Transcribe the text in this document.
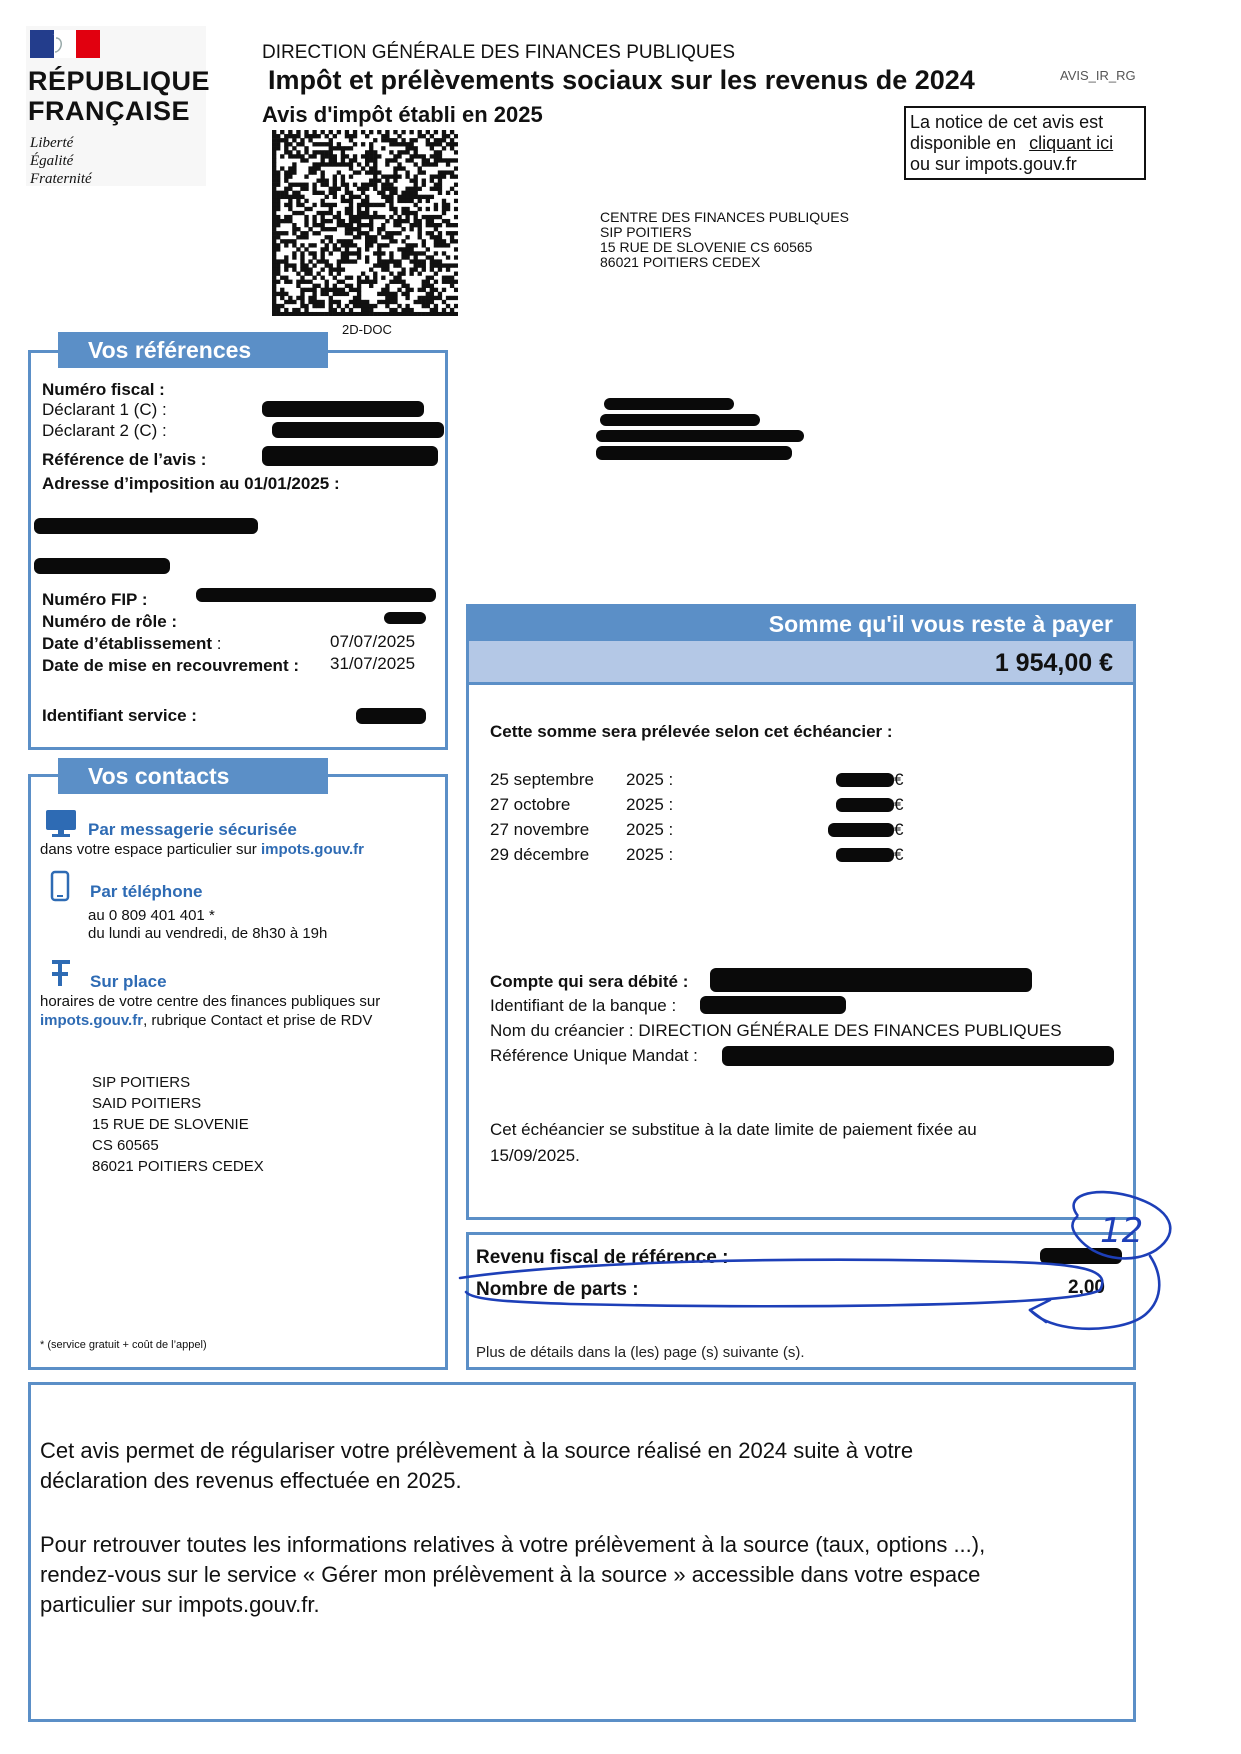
RÉPUBLIQUE
FRANÇAISE
Liberté
Égalité
Fraternité
DIRECTION GÉNÉRALE DES FINANCES PUBLIQUES
Impôt et prélèvements sociaux sur les revenus de 2024	AVIS_IR_RG
Avis d'impôt établi en 2025
2D-DOC
La notice de cet avis est
disponible en cliquant ici
ou sur impots.gouv.fr
CENTRE DES FINANCES PUBLIQUES
SIP POITIERS
15 RUE DE SLOVENIE CS 60565
86021 POITIERS CEDEX
Vos références
Numéro fiscal :
Déclarant 1 (C) :
Déclarant 2 (C) :
Référence de l’avis :
Adresse d’imposition au 01/01/2025 :
Numéro FIP :
Numéro de rôle :
Date d’établissement :	07/07/2025
Date de mise en recouvrement : 31/07/2025
Identifiant service :
Vos contacts
Par messagerie sécurisée
dans votre espace particulier sur impots.gouv.fr
Par téléphone
au 0 809 401 401 *
du lundi au vendredi, de 8h30 à 19h
Sur place
horaires de votre centre des finances publiques sur
impots.gouv.fr, rubrique Contact et prise de RDV
SIP POITIERS
SAID POITIERS
15 RUE DE SLOVENIE
CS 60565
86021 POITIERS CEDEX
* (service gratuit + coût de l’appel)
Somme qu'il vous reste à payer
1 954,00 €
Cette somme sera prélevée selon cet échéancier :
25 septembre 2025 :	€
27 octobre	2025 :	€
27 novembre 2025 :	€
29 décembre 2025 :	€
Compte qui sera débité :
Identifiant de la banque :
Nom du créancier : DIRECTION GÉNÉRALE DES FINANCES PUBLIQUES
Référence Unique Mandat :
Cet échéancier se substitue à la date limite de paiement fixée au
15/09/2025.
Revenu fiscal de référence :
Nombre de parts :	2,00
Plus de détails dans la (les) page (s) suivante (s).
12
Cet avis permet de régulariser votre prélèvement à la source réalisé en 2024 suite à votre
déclaration des revenus effectuée en 2025.
Pour retrouver toutes les informations relatives à votre prélèvement à la source (taux, options ...),
rendez-vous sur le service « Gérer mon prélèvement à la source » accessible dans votre espace
particulier sur impots.gouv.fr.
